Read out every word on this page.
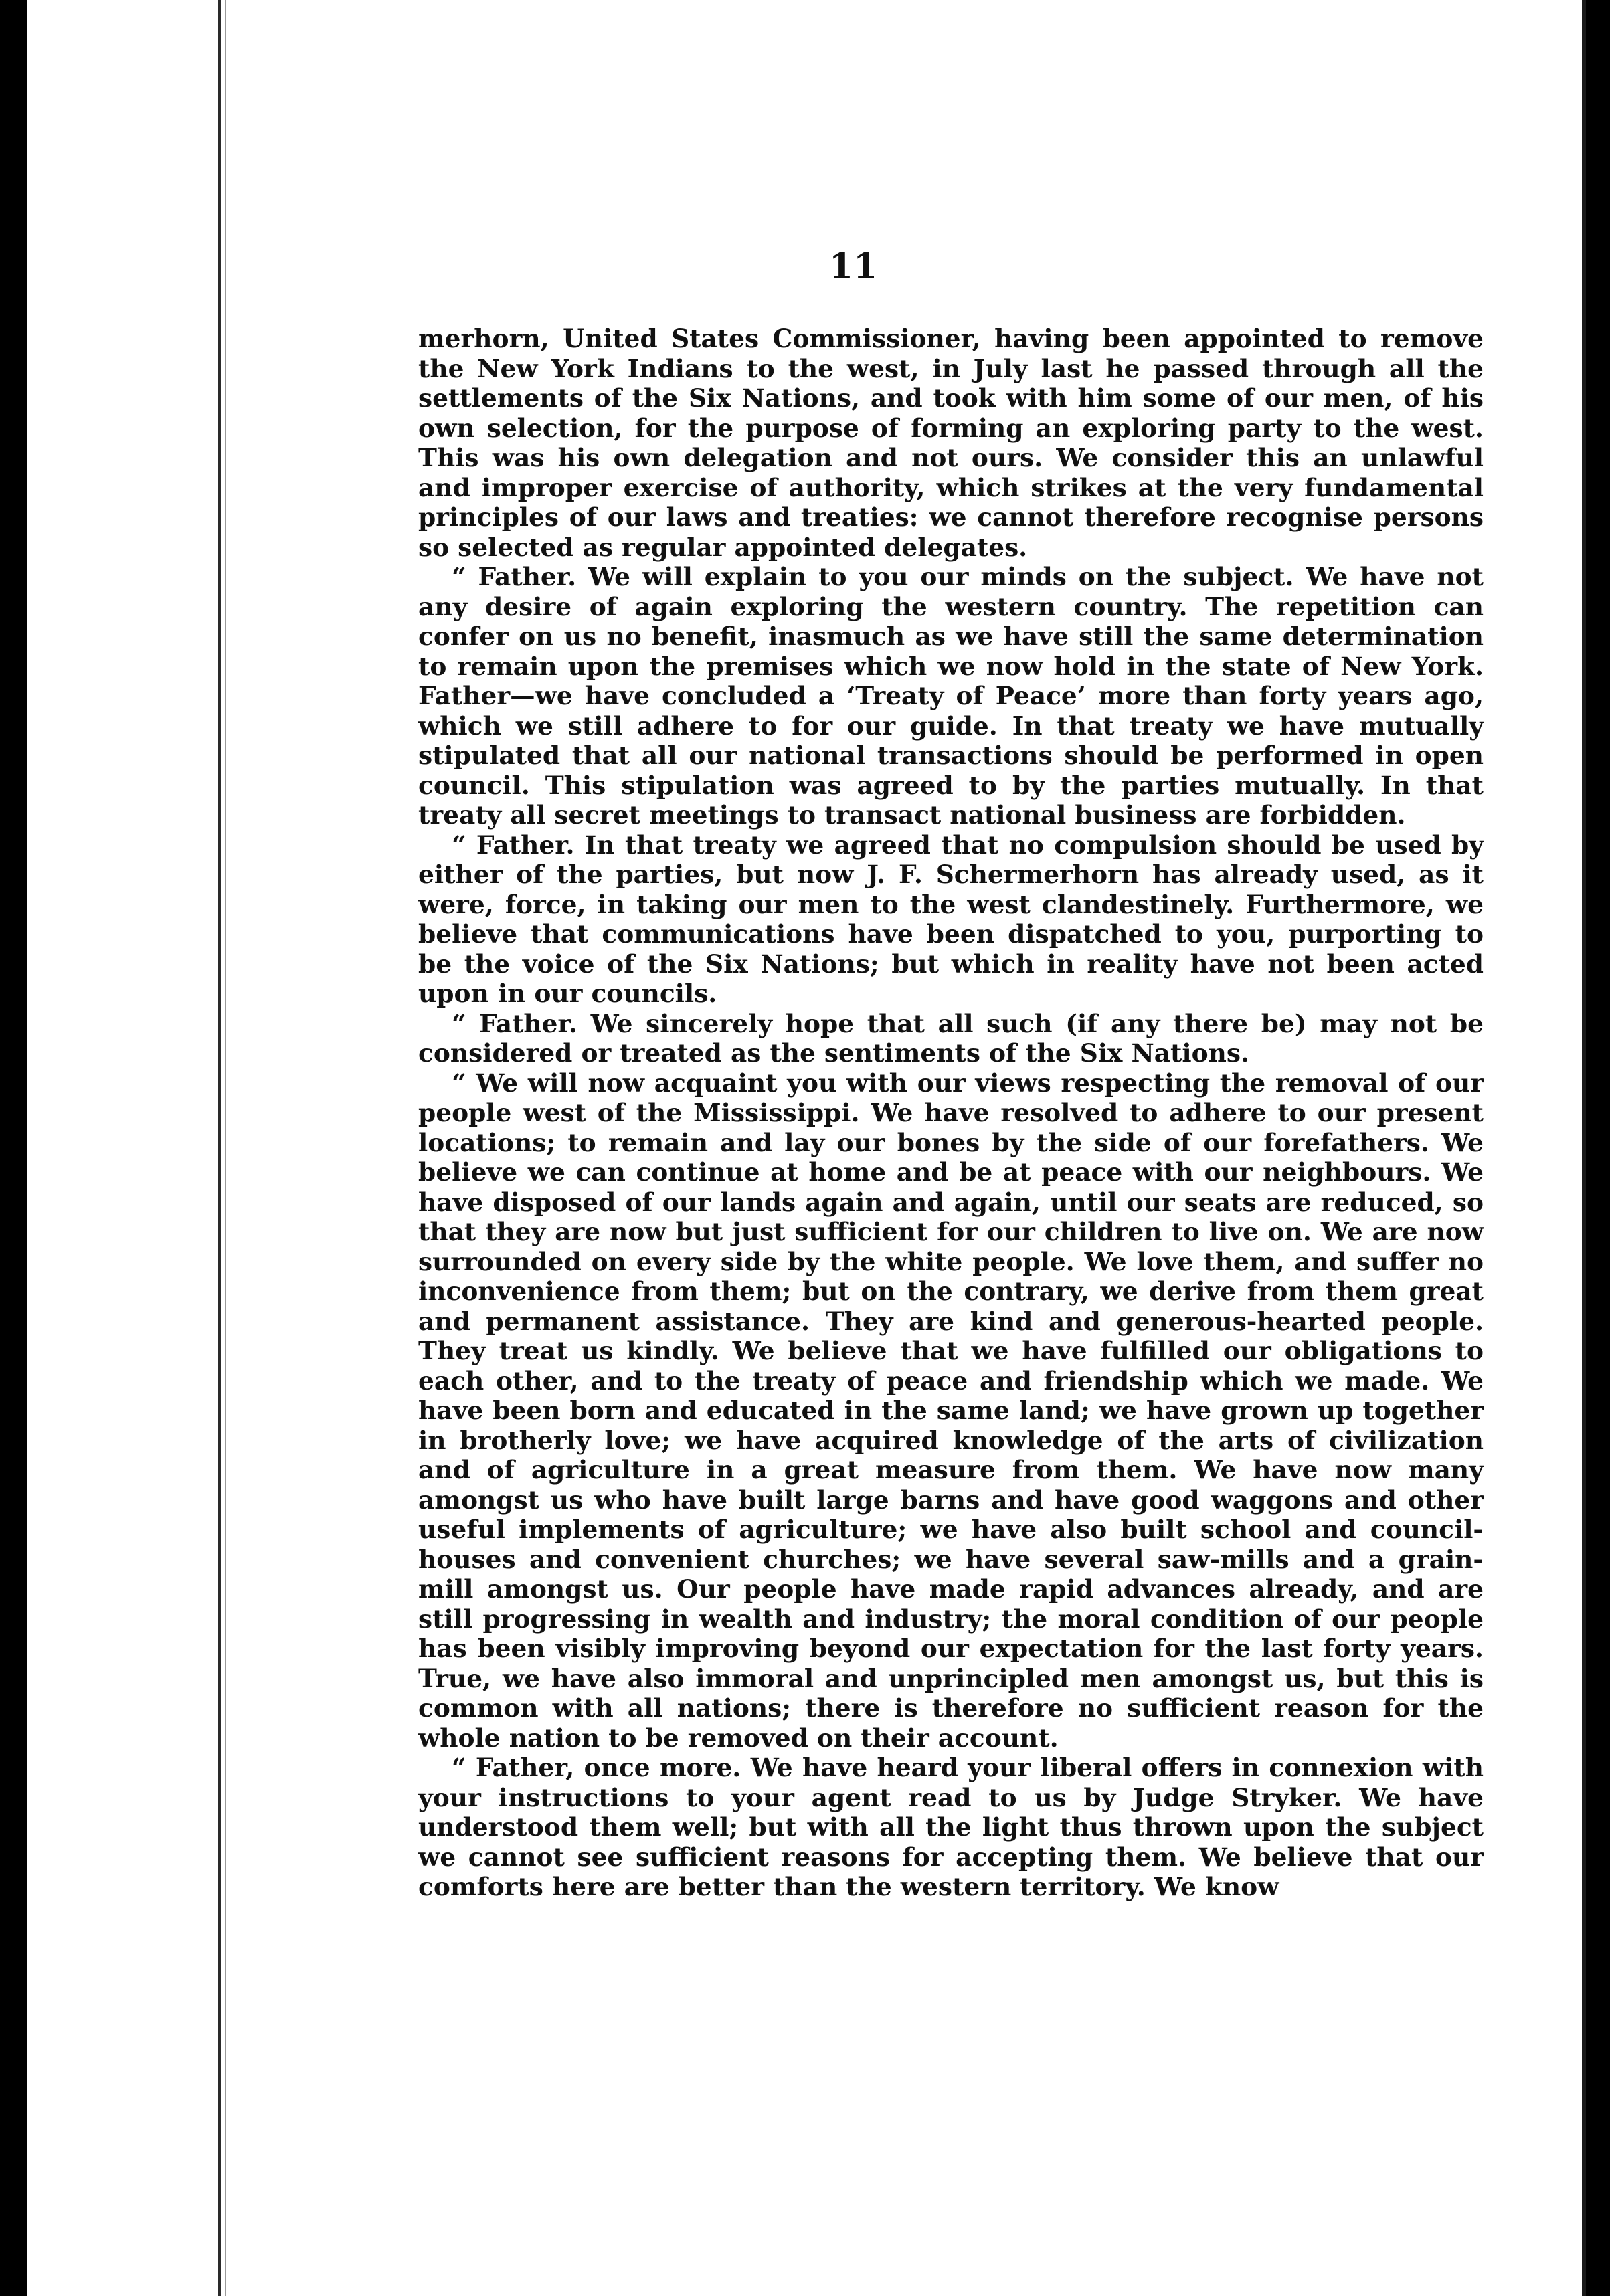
11

merhorn, United States Commissioner, having been appointed to remove the New York Indians to the west, in July last he passed through all the settlements of the Six Nations, and took with him some of our men, of his own selection, for the purpose of forming an exploring party to the west. This was his own delegation and not ours. We consider this an unlawful and improper exercise of authority, which strikes at the very fundamental principles of our laws and treaties: we cannot therefore recognise persons so selected as regular appointed delegates.

“ Father. We will explain to you our minds on the subject. We have not any desire of again exploring the western country. The repetition can confer on us no benefit, inasmuch as we have still the same determination to remain upon the premises which we now hold in the state of New York. Father—we have concluded a ‘Treaty of Peace’ more than forty years ago, which we still adhere to for our guide. In that treaty we have mutually stipulated that all our national transactions should be performed in open council. This stipulation was agreed to by the parties mutually. In that treaty all secret meetings to transact national business are forbidden.

“ Father. In that treaty we agreed that no compulsion should be used by either of the parties, but now J. F. Schermerhorn has already used, as it were, force, in taking our men to the west clandestinely. Furthermore, we believe that communications have been dispatched to you, purporting to be the voice of the Six Nations; but which in reality have not been acted upon in our councils.

“ Father. We sincerely hope that all such (if any there be) may not be considered or treated as the sentiments of the Six Nations.

“ We will now acquaint you with our views respecting the removal of our people west of the Mississippi. We have resolved to adhere to our present locations; to remain and lay our bones by the side of our forefathers. We believe we can continue at home and be at peace with our neighbours. We have disposed of our lands again and again, until our seats are reduced, so that they are now but just sufficient for our children to live on. We are now surrounded on every side by the white people. We love them, and suffer no inconvenience from them; but on the contrary, we derive from them great and permanent assistance. They are kind and generous-hearted people. They treat us kindly. We believe that we have fulfilled our obligations to each other, and to the treaty of peace and friendship which we made. We have been born and educated in the same land; we have grown up together in brotherly love; we have acquired knowledge of the arts of civilization and of agriculture in a great measure from them. We have now many amongst us who have built large barns and have good waggons and other useful implements of agriculture; we have also built school and council-houses and convenient churches; we have several saw-mills and a grain-mill amongst us. Our people have made rapid advances already, and are still progressing in wealth and industry; the moral condition of our people has been visibly improving beyond our expectation for the last forty years. True, we have also immoral and unprincipled men amongst us, but this is common with all nations; there is therefore no sufficient reason for the whole nation to be removed on their account.

“ Father, once more. We have heard your liberal offers in connexion with your instructions to your agent read to us by Judge Stryker. We have understood them well; but with all the light thus thrown upon the subject we cannot see sufficient reasons for accepting them. We believe that our comforts here are better than the western territory. We know
